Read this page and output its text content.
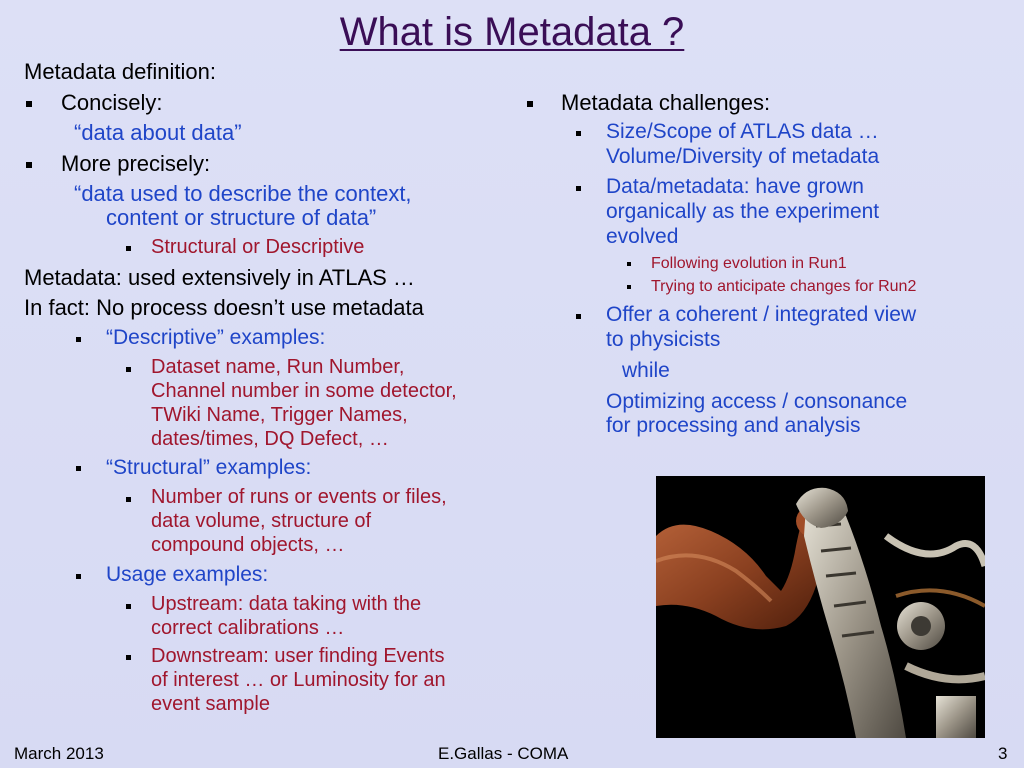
What is Metadata ?
Metadata definition:
Concisely:
“data about data”
More precisely:
“data used to describe the context,
content or structure of data”
Structural or Descriptive
Metadata: used extensively in ATLAS …
In fact: No process doesn’t use metadata
“Descriptive” examples:
Dataset name, Run Number,
Channel number in some detector,
TWiki Name, Trigger Names,
dates/times, DQ Defect, …
“Structural” examples:
Number of runs or events or files,
data volume, structure of
compound objects, …
Usage examples:
Upstream: data taking with the
correct calibrations …
Downstream: user finding Events
of interest … or Luminosity for an
event sample
Metadata challenges:
Size/Scope of ATLAS data …
Volume/Diversity of metadata
Data/metadata: have grown
organically as the experiment
evolved
Following evolution in Run1
Trying to anticipate changes for Run2
Offer a coherent / integrated view
to physicists
while
Optimizing access / consonance
for processing and analysis
March 2013	E.Gallas - COMA	3
